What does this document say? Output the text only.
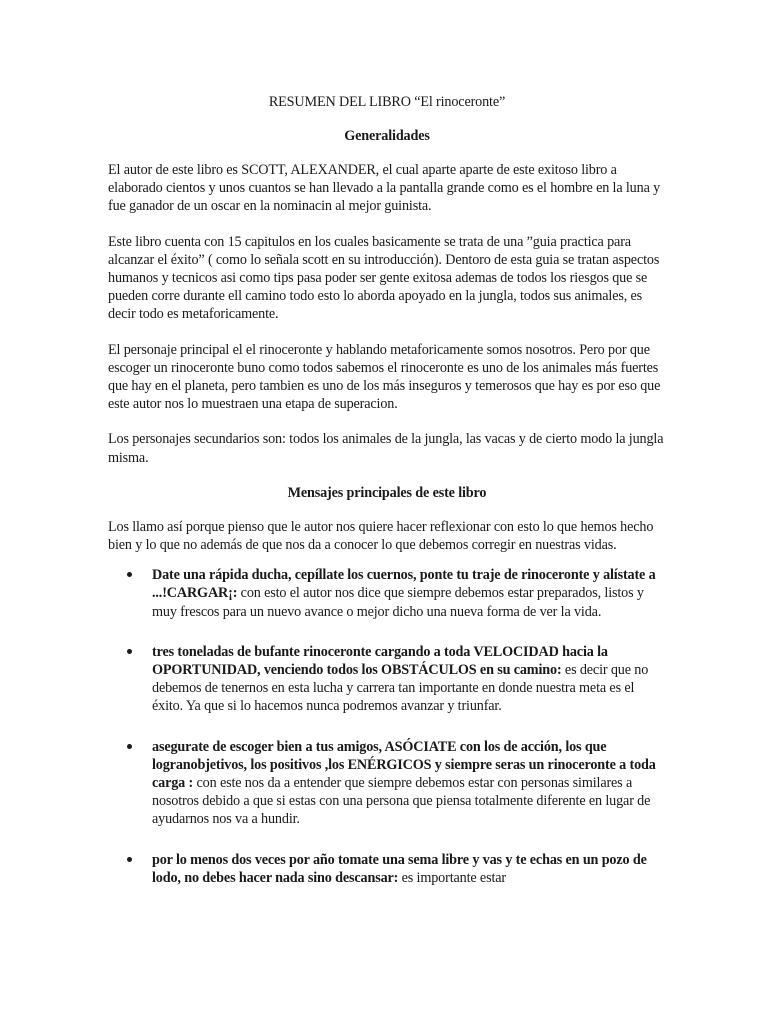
RESUMEN DEL LIBRO “El rinoceronte”
Generalidades

El autor de este libro es SCOTT, ALEXANDER, el cual aparte aparte de este exitoso libro a elaborado cientos y unos cuantos se han llevado a la pantalla grande como es el hombre en la luna y fue ganador de un oscar en la nominacin al mejor guinista.

Este libro cuenta con 15 capitulos en los cuales basicamente se trata de una ”guia practica para alcanzar el éxito” ( como lo señala scott en su introducción). Dentoro de esta guia se tratan aspectos humanos y tecnicos asi como tips pasa poder ser gente exitosa ademas de todos los riesgos que se pueden corre durante ell camino todo esto lo aborda apoyado en la jungla, todos sus animales, es decir todo es metaforicamente.

El personaje principal el el rinoceronte y hablando metaforicamente somos nosotros. Pero por que escoger un rinoceronte buno como todos sabemos el rinoceronte es uno de los animales más fuertes que hay en el planeta, pero tambien es uno de los más inseguros y temerosos que hay es por eso que este autor nos lo muestraen una etapa de superacion.

Los personajes secundarios son: todos los animales de la jungla, las vacas y de cierto modo la jungla misma.

Mensajes principales de este libro

Los llamo así porque pienso que le autor nos quiere hacer reflexionar con esto lo que hemos hecho bien y lo que no además de que nos da a conocer lo que debemos corregir en nuestras vidas.

Date una rápida ducha, cepíllate los cuernos, ponte tu traje de rinoceronte y alístate a ...!CARGAR¡: con esto el autor nos dice que siempre debemos estar preparados, listos y muy frescos para un nuevo avance o mejor dicho una nueva forma de ver la vida.
tres toneladas de bufante rinoceronte cargando a toda VELOCIDAD hacia la OPORTUNIDAD, venciendo todos los OBSTÁCULOS en su camino: es decir que no debemos de tenernos en esta lucha y carrera tan importante en donde nuestra meta es el éxito. Ya que si lo hacemos nunca podremos avanzar y triunfar.
asegurate de escoger bien a tus amigos, ASÓCIATE con los de acción, los que logranobjetivos, los positivos ,los ENÉRGICOS y siempre seras un rinoceronte a toda carga : con este nos da a entender que siempre debemos estar con personas similares a nosotros debido a que si estas con una persona que piensa totalmente diferente en lugar de ayudarnos nos va a hundir.
por lo menos dos veces por año tomate una sema libre y vas y te echas en un pozo de lodo, no debes hacer nada sino descansar: es importante estar
